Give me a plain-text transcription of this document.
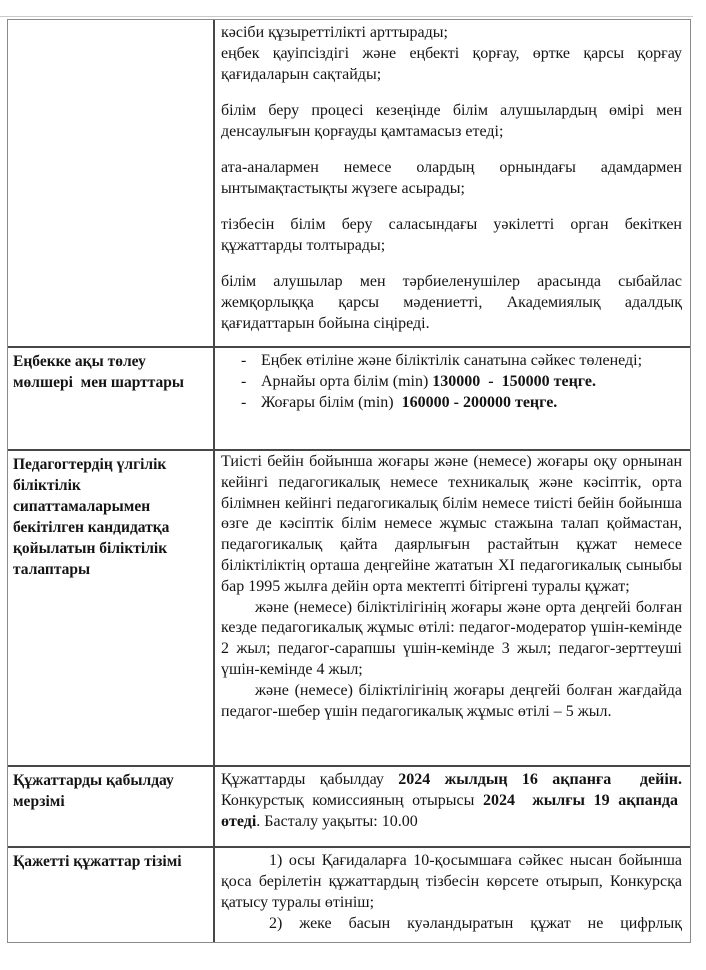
кәсіби құзыреттілікті арттырады;

еңбек қауіпсіздігі және еңбекті қорғау, өртке қарсы қорғау қағидаларын сақтайды;

білім беру процесі кезеңінде білім алушылардың өмірі мен денсаулығын қорғауды қамтамасыз етеді;

ата-аналармен немесе олардың орнындағы адамдармен ынтымақтастықты жүзеге асырады;

тізбесін білім беру саласындағы уәкілетті орган бекіткен құжаттарды толтырады;

білім алушылар мен тәрбиеленушілер арасында сыбайлас жемқорлыққа қарсы мәдениетті, Академиялық адалдық қағидаттарын бойына сіңіреді.

Еңбекке ақы төлеу мөлшері  мен шарттары
- Еңбек өтіліне және біліктілік санатына сәйкес төленеді;
- Арнайы орта білім (min) 130000  -  150000 теңге.
- Жоғары білім (min)  160000 - 200000 теңге.
Педагогтердің үлгілік біліктілік сипаттамаларымен бекітілген кандидатқа қойылатын біліктілік талаптары

Тиісті бейін бойынша жоғары және (немесе) жоғары оқу орнынан кейінгі педагогикалық немесе техникалық және кәсіптік, орта білімнен кейінгі педагогикалық білім немесе тиісті бейін бойынша өзге де кәсіптік білім немесе жұмыс стажына талап қоймастан, педагогикалық қайта даярлығын растайтын құжат немесе біліктіліктің орташа деңгейіне жататын XI педагогикалық сыныбы бар 1995 жылға дейін орта мектепті бітіргені туралы құжат;

және (немесе) біліктілігінің жоғары және орта деңгейі болған кезде педагогикалық жұмыс өтілі: педагог-модератор үшін-кемінде 2 жыл; педагог-сарапшы үшін-кемінде 3 жыл; педагог-зерттеуші үшін-кемінде 4 жыл;

және (немесе) біліктілігінің жоғары деңгейі болған жағдайда педагог-шебер үшін педагогикалық жұмыс өтілі – 5 жыл.

Құжаттарды қабылдау мерзімі

Құжаттарды қабылдау 2024 жылдың 16 ақпанға  дейін. Конкурстық комиссияның отырысы 2024  жылғы 19 ақпанда  өтеді. Басталу уақыты: 10.00

Қажетті құжаттар тізімі	1) осы Қағидаларға 10-қосымшаға сәйкес нысан бойынша қоса берілетін құжаттардың тізбесін көрсете отырып, Конкурсқа қатысу туралы өтініш;

2) жеке басын куәландыратын құжат не цифрлық
